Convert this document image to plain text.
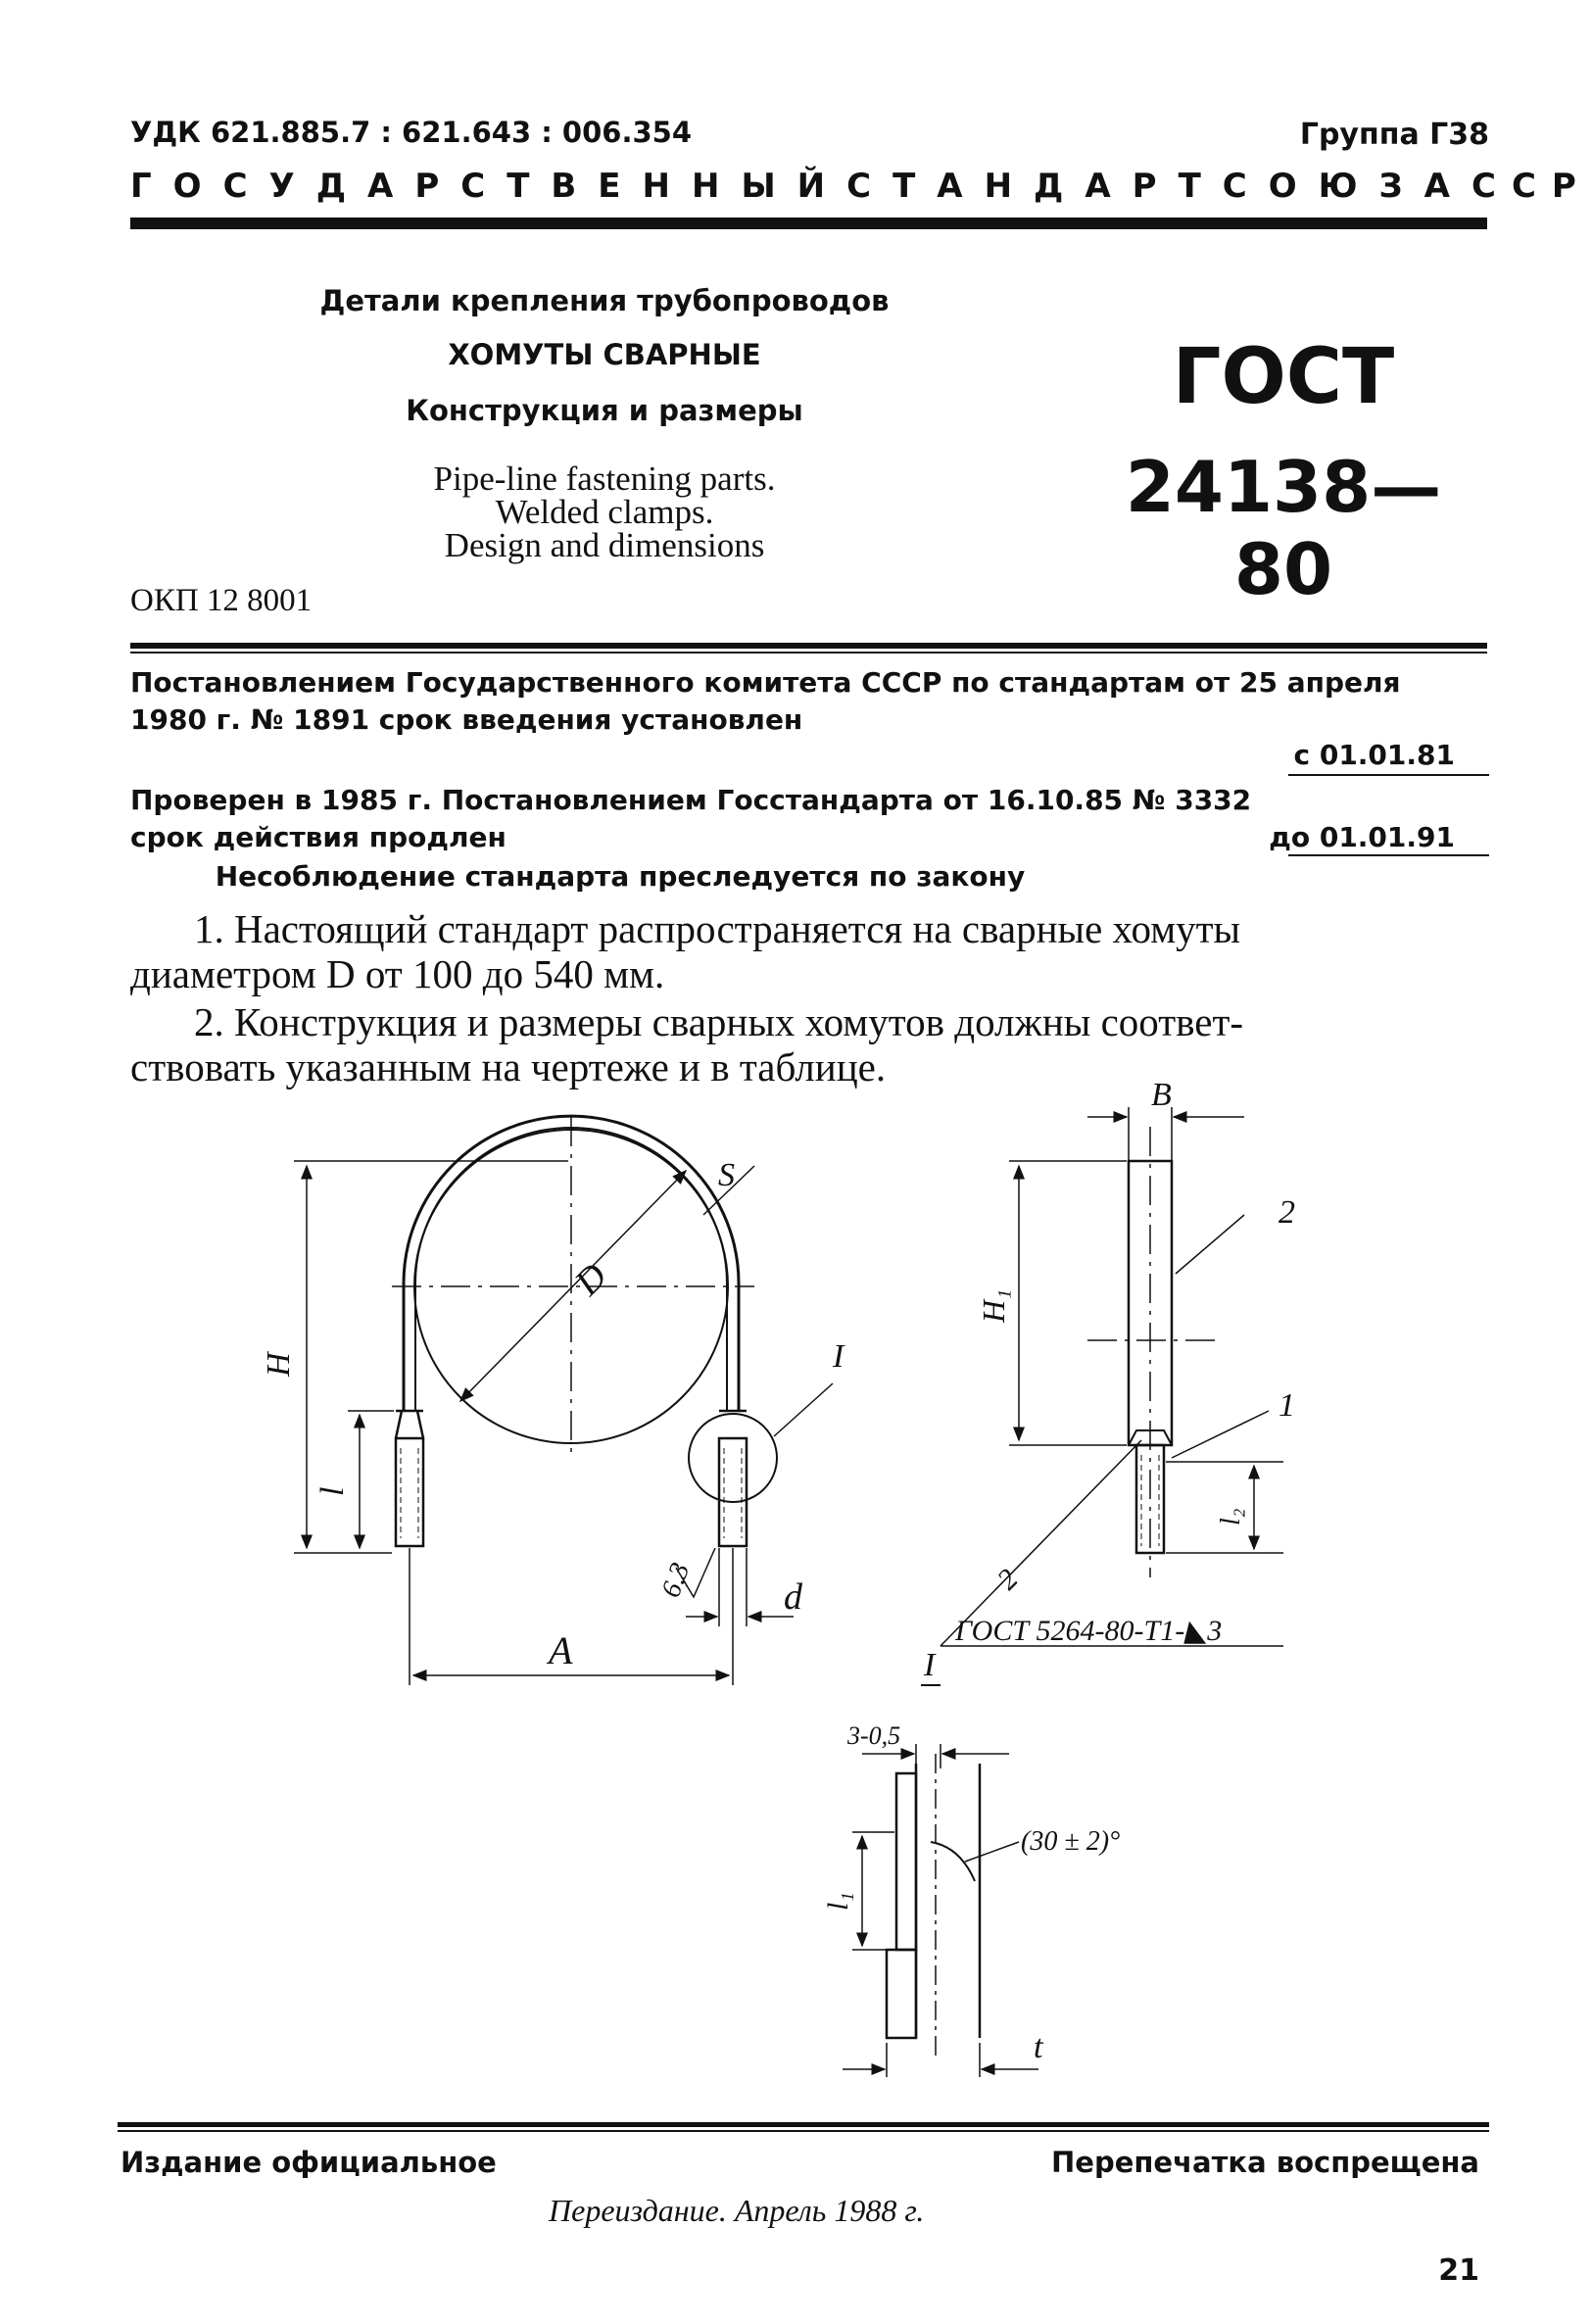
УДК 621.885.7 : 621.643 : 006.354	Группа Г38
ГОСУДАРСТВЕННЫЙ СТАНДАРТ СОЮЗА ССР
Детали крепления трубопроводов
ХОМУТЫ СВАРНЫЕ
Конструкция и размеры
Pipe-line fastening parts.
Welded clamps.
Design and dimensions
ГОСТ
24138—80
ОКП 12 8001
Постановлением Государственного комитета СССР по стандартам от 25 апреля
1980 г. № 1891 срок введения установлен
с 01.01.81
Проверен в 1985 г. Постановлением Госстандарта от 16.10.85 № 3332
срок действия продлен	до 01.01.91
Несоблюдение стандарта преследуется по закону
1. Настоящий стандарт распространяется на сварные хомуты
диаметром D от 100 до 540 мм.
2. Конструкция и размеры сварных хомутов должны соответ-
ствовать указанным на чертеже и в таблице.
H
S
D
l
I
6,3 d
A
B
2
H₁
1
l₂
2
ГОСТ 5264-80-Т1-◣3
I
3-0,5
(30 ± 2)°
l₁
t
Издание официальное	Перепечатка воспрещена
Переиздание. Апрель 1988 г.
21
